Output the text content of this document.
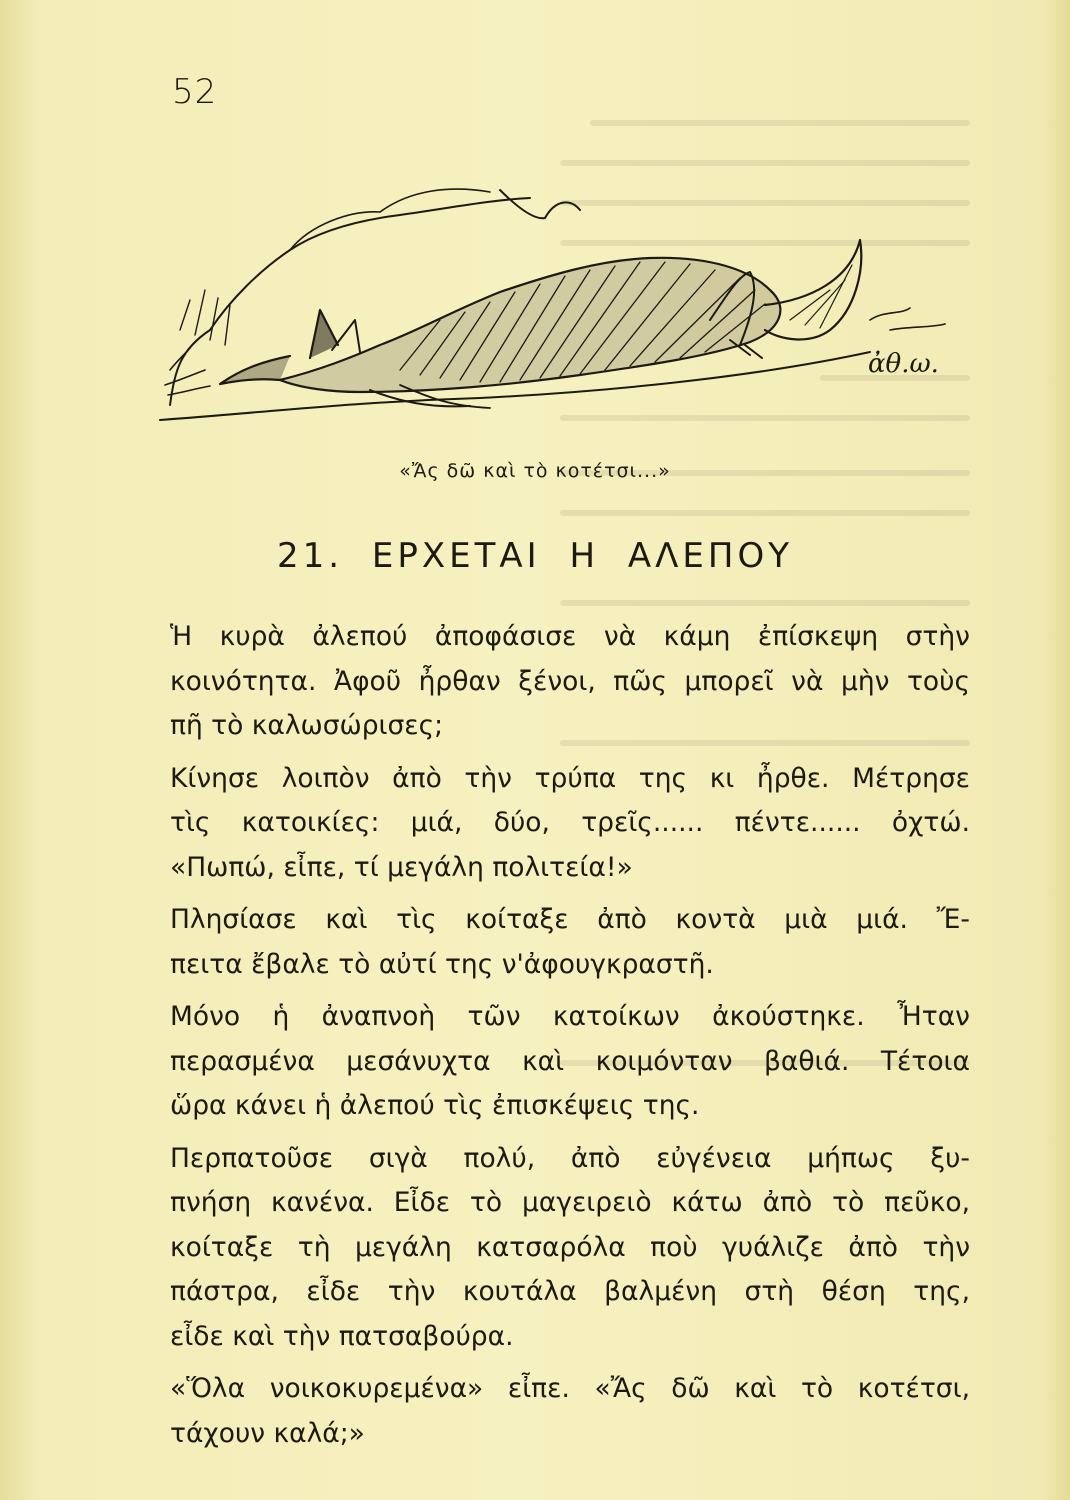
52
ἀθ.ω.
«Ἄς δῶ καὶ τὸ κοτέτσι...»
21. ΕΡΧΕΤΑΙ Η ΑΛΕΠΟΥ

Ἡ κυρὰ ἀλεπού ἀποφάσισε νὰ κάμη ἐπίσκεψη στὴν
κοινότητα. Ἀφοῦ ἦρθαν ξένοι, πῶς μπορεῖ νὰ μὴν τοὺς
πῆ τὸ καλωσώρισες;

Κίνησε λοιπὸν ἀπὸ τὴν τρύπα της κι ἦρθε. Μέτρησε
τὶς κατοικίες: μιά, δύο, τρεῖς...... πέντε...... ὀχτώ.
«Πωπώ, εἶπε, τί μεγάλη πολιτεία!»

Πλησίασε καὶ τὶς κοίταξε ἀπὸ κοντὰ μιὰ μιά. Ἔ-
πειτα ἔβαλε τὸ αὐτί της ν'ἀφουγκραστῆ.

Μόνο ἡ ἀναπνοὴ τῶν κατοίκων ἀκούστηκε. Ἦταν
περασμένα μεσάνυχτα καὶ κοιμόνταν βαθιά. Τέτοια
ὥρα κάνει ἡ ἀλεπού τὶς ἐπισκέψεις της.

Περπατοῦσε σιγὰ πολύ, ἀπὸ εὐγένεια μήπως ξυ-
πνήση κανένα. Εἶδε τὸ μαγειρειὸ κάτω ἀπὸ τὸ πεῦκο,
κοίταξε τὴ μεγάλη κατσαρόλα ποὺ γυάλιζε ἀπὸ τὴν
πάστρα, εἶδε τὴν κουτάλα βαλμένη στὴ θέση της,
εἶδε καὶ τὴν πατσαβούρα.

«Ὅλα νοικοκυρεμένα» εἶπε. «Ἄς δῶ καὶ τὸ κοτέτσι,
τάχουν καλά;»
